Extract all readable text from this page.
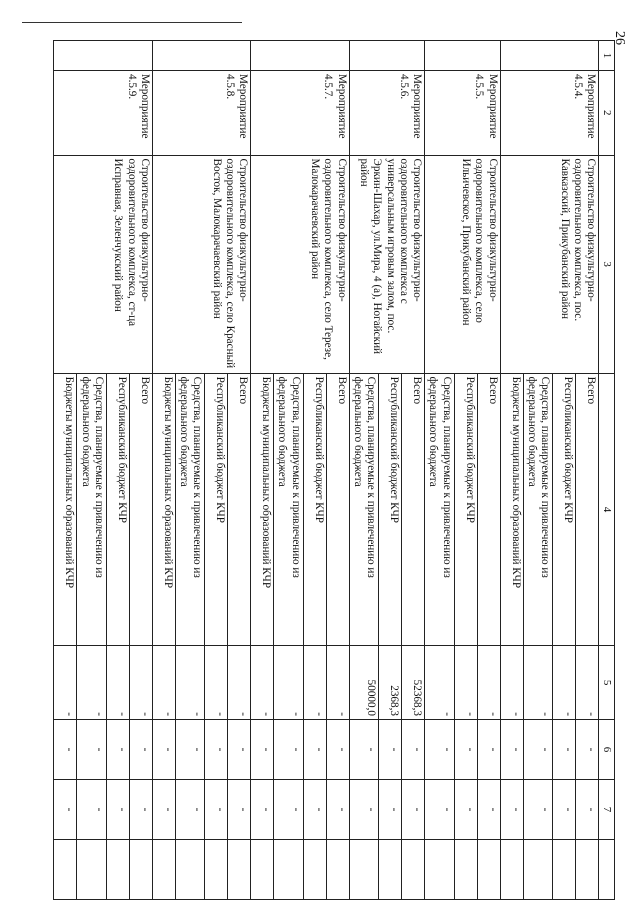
26
1	2	3	4	5	6	7	
	Мероприятие 4.5.4.	Строительство физкультурно-оздоровительного комплекса, пос. Кавказский, Прикубанский район	Всего	-	-	-	
			Республиканский бюджет КЧР	-	-	-	
			Средства, планируемые к привлечению из федерального бюджета	-	-	-	
			Бюджеты муниципальных образований КЧР	-	-	-	
	Мероприятие 4.5.5.	Строительство физкультурно-оздоровительного комплекса, село Ильичевское, Прикубанский район	Всего	-	-	-	
			Республиканский бюджет КЧР	-	-	-	
			Средства, планируемые к привлечению из федерального бюджета	-	-	-	
	Мероприятие 4.5.6.	Строительство физкультурно-оздоровительного комплекса с универсальным игровым залом, пос. Эркин-Шахар, ул.Мира, 4 (а), Ногайский район	Всего	52368,3	-	-	
			Республиканский бюджет КЧР	2368,3	-	-	
			Средства, планируемые к привлечению из федерального бюджета	50000,0	-	-	
	Мероприятие 4.5.7.	Строительство физкультурно-оздоровительного комплекса, село Терезе, Малокарачаевский район	Всего	-	-	-	
			Республиканский бюджет КЧР	-	-	-	
			Средства, планируемые к привлечению из федерального бюджета	-	-	-	
			Бюджеты муниципальных образований КЧР	-	-	-	
	Мероприятие 4.5.8.	Строительство физкультурно-оздоровительного комплекса, село Красный Восток, Малокарачаевский район	Всего	-	-	-	
			Республиканский бюджет КЧР	-	-	-	
			Средства, планируемые к привлечению из федерального бюджета	-	-	-	
			Бюджеты муниципальных образований КЧР	-	-	-	
	Мероприятие 4.5.9.	Строительство физкультурно-оздоровительного комплекса, ст-ца Исправная, Зеленчукский район	Всего	-	-	-	
			Республиканский бюджет КЧР	-	-	-	
			Средства, планируемые к привлечению из федерального бюджета	-	-	-	
			Бюджеты муниципальных образований КЧР	-	-	-	
